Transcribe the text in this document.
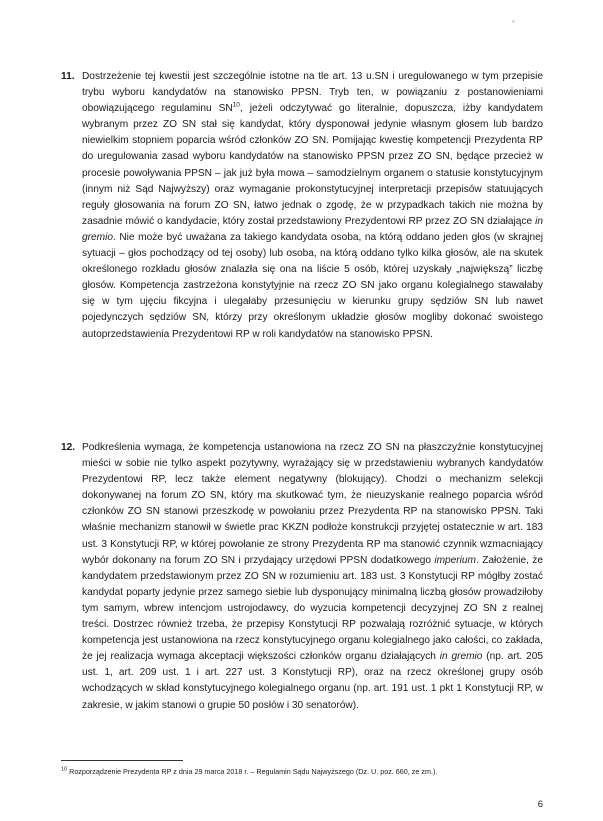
11. Dostrzeżenie tej kwestii jest szczególnie istotne na tle art. 13 u.SN i uregulowanego w tym przepisie trybu wyboru kandydatów na stanowisko PPSN. Tryb ten, w powiązaniu z postanowieniami obowiązującego regulaminu SN$^{10}$, jeżeli odczytywać go literalnie, dopuszcza, iżby kandydatem wybranym przez ZO SN stał się kandydat, który dysponował jedynie własnym głosem lub bardzo niewielkim stopniem poparcia wśród członków ZO SN. Pomijając kwestię kompetencji Prezydenta RP do uregulowania zasad wyboru kandydatów na stanowisko PPSN przez ZO SN, będące przecież w procesie powoływania PPSN – jak już była mowa – samodzielnym organem o statusie konstytucyjnym (innym niż Sąd Najwyższy) oraz wymaganie prokonstytucyjnej interpretacji przepisów statuujących reguły głosowania na forum ZO SN, łatwo jednak o zgodę, że w przypadkach takich nie można by zasadnie mówić o kandydacie, który został przedstawiony Prezydentowi RP przez ZO SN działające in gremio. Nie może być uważana za takiego kandydata osoba, na którą oddano jeden głos (w skrajnej sytuacji – głos pochodzący od tej osoby) lub osoba, na którą oddano tylko kilka głosów, ale na skutek określonego rozkładu głosów znalazła się ona na liście 5 osób, której uzyskały „największą” liczbę głosów. Kompetencja zastrzeżona konstytyjnie na rzecz ZO SN jako organu kolegialnego stawałaby się w tym ujęciu fikcyjna i ulegałaby przesunięciu w kierunku grupy sędziów SN lub nawet pojedynczych sędziów SN, którzy przy określonym układzie głosów mogliby dokonać swoistego autoprzedstawienia Prezydentowi RP w roli kandydatów na stanowisko PPSN.
12. Podkreślenia wymaga, że kompetencja ustanowiona na rzecz ZO SN na płaszczyźnie konstytucyjnej mieści w sobie nie tylko aspekt pozytywny, wyrażający się w przedstawieniu wybranych kandydatów Prezydentowi RP, lecz także element negatywny (blokujący). Chodzi o mechanizm selekcji dokonywanej na forum ZO SN, który ma skutkować tym, że nieuzyskanie realnego poparcia wśród członków ZO SN stanowi przeszkodę w powołaniu przez Prezydenta RP na stanowisko PPSN. Taki właśnie mechanizm stanowił w świetle prac KKZN podłoże konstrukcji przyjętej ostatecznie w art. 183 ust. 3 Konstytucji RP, w której powołanie ze strony Prezydenta RP ma stanowić czynnik wzmacniający wybór dokonany na forum ZO SN i przydający urzędowi PPSN dodatkowego imperium. Założenie, że kandydatem przedstawionym przez ZO SN w rozumieniu art. 183 ust. 3 Konstytucji RP mógłby zostać kandydat poparty jedynie przez samego siebie lub dysponujący minimalną liczbą głosów prowadziłoby tym samym, wbrew intencjom ustrojodawcy, do wyzucia kompetencji decyzyjnej ZO SN z realnej treści. Dostrzec również trzeba, że przepisy Konstytucji RP pozwalają rozróżnić sytuacje, w których kompetencja jest ustanowiona na rzecz konstytucyjnego organu kolegialnego jako całości, co zakłada, że jej realizacja wymaga akceptacji większości członków organu działających in gremio (np. art. 205 ust. 1, art. 209 ust. 1 i art. 227 ust. 3 Konstytucji RP), oraz na rzecz określonej grupy osób wchodzących w skład konstytucyjnego kolegialnego organu (np. art. 191 ust. 1 pkt 1 Konstytucji RP, w zakresie, w jakim stanowi o grupie 50 posłów i 30 senatorów).

$^{10}$ Rozporządzenie Prezydenta RP z dnia 29 marca 2018 r. – Regulamin Sądu Najwyższego (Dz. U. poz. 660, ze zm.).

6
